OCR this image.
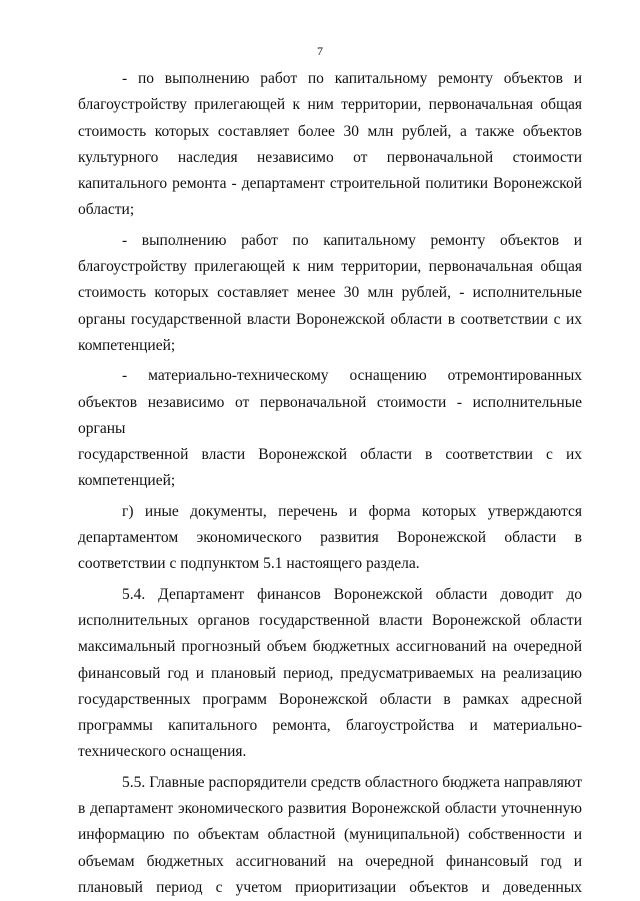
7

- по выполнению работ по капитальному ремонту объектов и

благоустройству прилегающей к ним территории, первоначальная общая

стоимость которых составляет более 30 млн рублей, а также объектов

культурного наследия независимо от первоначальной стоимости

капитального ремонта - департамент строительной политики Воронежской

области;

- выполнению работ по капитальному ремонту объектов и

благоустройству прилегающей к ним территории, первоначальная общая

стоимость которых составляет менее 30 млн рублей, - исполнительные

органы государственной власти Воронежской области в соответствии с их

компетенцией;

- материально-техническому оснащению отремонтированных

объектов независимо от первоначальной стоимости - исполнительные органы

государственной власти Воронежской области в соответствии с их

компетенцией;

г) иные документы, перечень и форма которых утверждаются

департаментом экономического развития Воронежской области в

соответствии с подпунктом 5.1 настоящего раздела.

5.4. Департамент финансов Воронежской области доводит до

исполнительных органов государственной власти Воронежской области

максимальный прогнозный объем бюджетных ассигнований на очередной

финансовый год и плановый период, предусматриваемых на реализацию

государственных программ Воронежской области в рамках адресной

программы капитального ремонта, благоустройства и материально-

технического оснащения.

5.5. Главные распорядители средств областного бюджета направляют

в департамент экономического развития Воронежской области уточненную

информацию по объектам областной (муниципальной) собственности и

объемам бюджетных ассигнований на очередной финансовый год и

плановый период с учетом приоритизации объектов и доведенных
